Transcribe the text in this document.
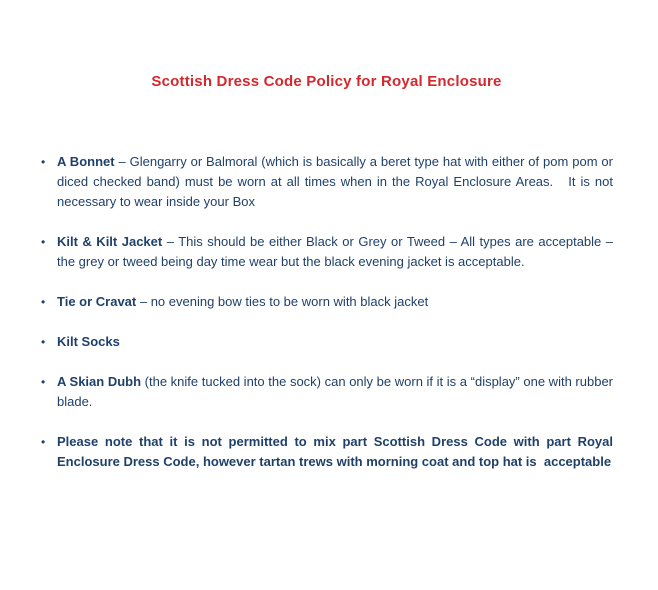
Scottish Dress Code Policy for Royal Enclosure
• A Bonnet – Glengarry or Balmoral (which is basically a beret type hat with either of pom pom or diced checked band) must be worn at all times when in the Royal Enclosure Areas.   It is not necessary to wear inside your Box
• Kilt & Kilt Jacket – This should be either Black or Grey or Tweed – All types are acceptable – the grey or tweed being day time wear but the black evening jacket is acceptable.
• Tie or Cravat – no evening bow ties to be worn with black jacket
• Kilt Socks
• A Skian Dubh (the knife tucked into the sock) can only be worn if it is a “display” one with rubber blade.
• Please note that it is not permitted to mix part Scottish Dress Code with part Royal Enclosure Dress Code, however tartan trews with morning coat and top hat is  acceptable
